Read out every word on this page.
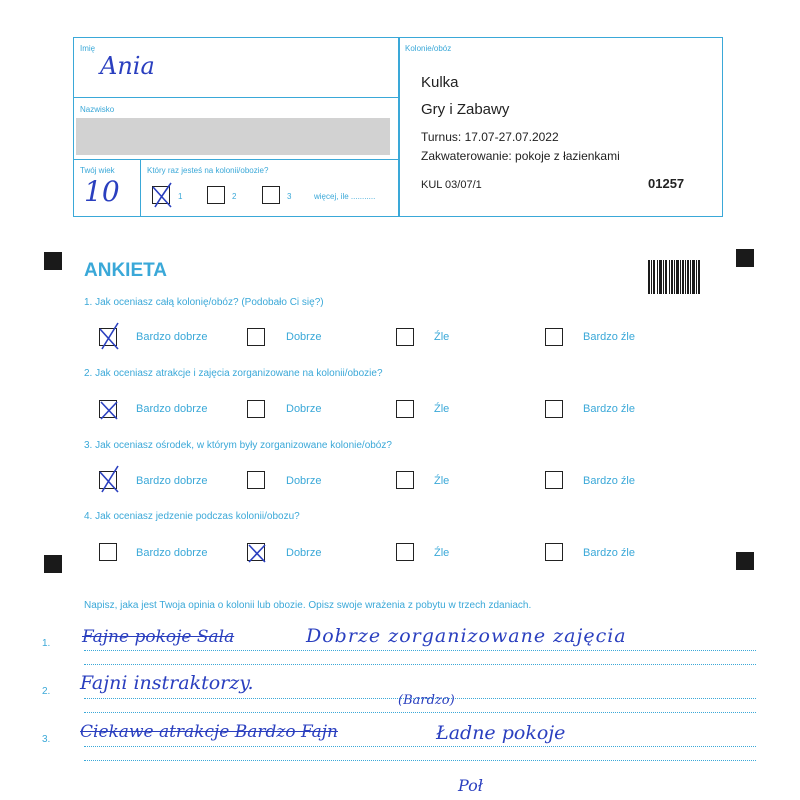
Imię
Ania
Nazwisko
Twój wiek
10
Który raz jesteś na kolonii/obozie?
1	2	3	więcej, ile ...........
Kolonie/obóz
Kulka
Gry i Zabawy
Turnus: 17.07-27.07.2022
Zakwaterowanie: pokoje z łazienkami
KUL 03/07/1	01257
ANKIETA
1. Jak oceniasz całą kolonię/obóz? (Podobało Ci się?)
Bardzo dobrze	Dobrze	Źle	Bardzo źle
2. Jak oceniasz atrakcje i zajęcia zorganizowane na kolonii/obozie?
Bardzo dobrze	Dobrze	Źle	Bardzo źle
3. Jak oceniasz ośrodek, w którym były zorganizowane kolonie/obóz?
Bardzo dobrze	Dobrze	Źle	Bardzo źle
4. Jak oceniasz jedzenie podczas kolonii/obozu?
Bardzo dobrze	Dobrze	Źle	Bardzo źle
Napisz, jaka jest Twoja opinia o kolonii lub obozie. Opisz swoje wrażenia z pobytu w trzech zdaniach.
1. Fajne pokoje Sala	Dobrze zorganizowane zajęcia
2. Fajni instraktorzy.
3.
(Bardzo)
Ciekawe atrakcje Bardzo Fajn	Ładne pokoje
Poł
